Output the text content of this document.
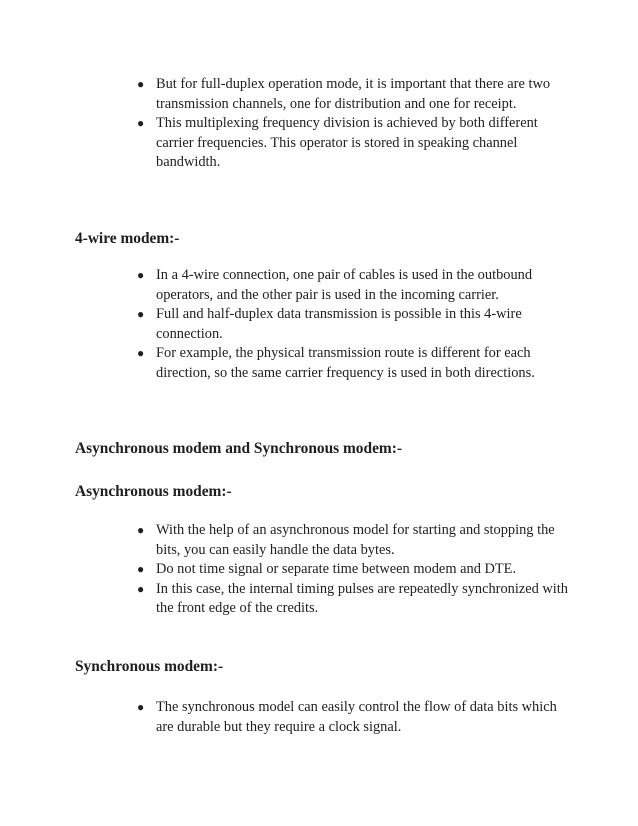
● But for full-duplex operation mode, it is important that there are two transmission channels, one for distribution and one for receipt.
● This multiplexing frequency division is achieved by both different carrier frequencies. This operator is stored in speaking channel bandwidth.
4-wire modem:-
● In a 4-wire connection, one pair of cables is used in the outbound operators, and the other pair is used in the incoming carrier.
● Full and half-duplex data transmission is possible in this 4-wire connection.
● For example, the physical transmission route is different for each direction, so the same carrier frequency is used in both directions.
Asynchronous modem and Synchronous modem:-
Asynchronous modem:-
● With the help of an asynchronous model for starting and stopping the bits, you can easily handle the data bytes.
● Do not time signal or separate time between modem and DTE.
● In this case, the internal timing pulses are repeatedly synchronized with the front edge of the credits.
Synchronous modem:-
● The synchronous model can easily control the flow of data bits which are durable but they require a clock signal.
